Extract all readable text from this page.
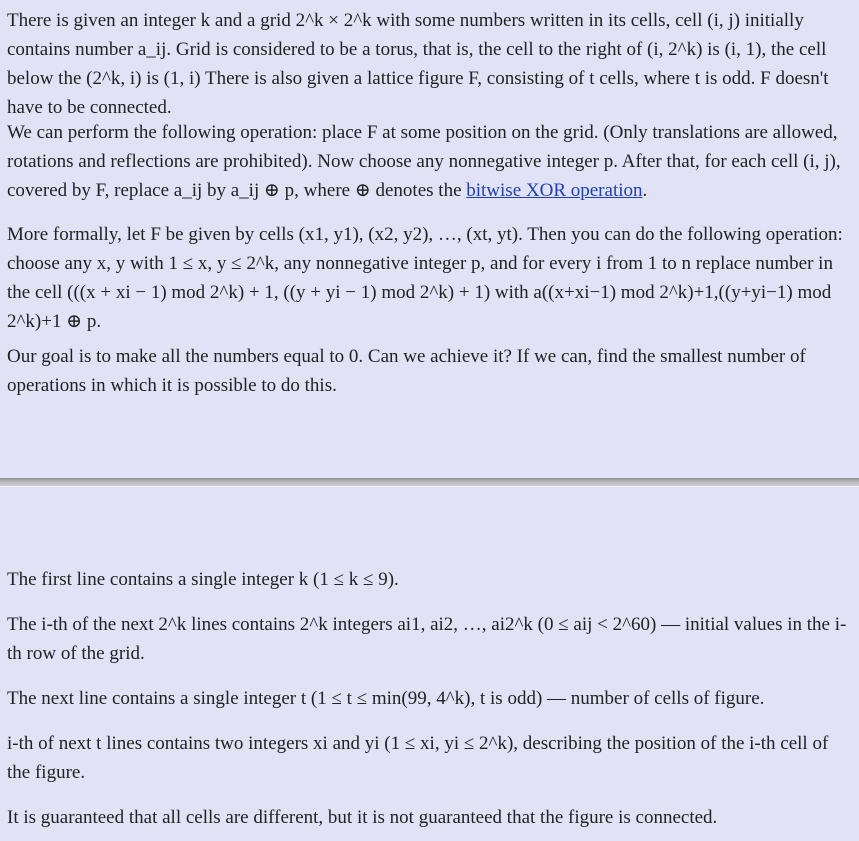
There is given an integer k and a grid 2^k × 2^k with some numbers written in its cells, cell (i, j) initially contains number a_ij. Grid is considered to be a torus, that is, the cell to the right of (i, 2^k) is (i, 1), the cell below the (2^k, i) is (1, i) There is also given a lattice figure F, consisting of t cells, where t is odd. F doesn't have to be connected.

We can perform the following operation: place F at some position on the grid. (Only translations are allowed, rotations and reflections are prohibited). Now choose any nonnegative integer p. After that, for each cell (i, j), covered by F, replace a_ij by a_ij ⊕ p, where ⊕ denotes the bitwise XOR operation.

More formally, let F be given by cells (x1, y1), (x2, y2), …, (xt, yt). Then you can do the following operation: choose any x, y with 1 ≤ x, y ≤ 2^k, any nonnegative integer p, and for every i from 1 to n replace number in the cell (((x + xi − 1) mod 2^k) + 1, ((y + yi − 1) mod 2^k) + 1) with a((x+xi−1) mod 2^k)+1,((y+yi−1) mod 2^k)+1 ⊕ p.

Our goal is to make all the numbers equal to 0. Can we achieve it? If we can, find the smallest number of operations in which it is possible to do this.

The first line contains a single integer k (1 ≤ k ≤ 9).

The i-th of the next 2^k lines contains 2^k integers ai1, ai2, …, ai2^k (0 ≤ aij < 2^60) — initial values in the i-th row of the grid.

The next line contains a single integer t (1 ≤ t ≤ min(99, 4^k), t is odd) — number of cells of figure.

i-th of next t lines contains two integers xi and yi (1 ≤ xi, yi ≤ 2^k), describing the position of the i-th cell of the figure.

It is guaranteed that all cells are different, but it is not guaranteed that the figure is connected.
